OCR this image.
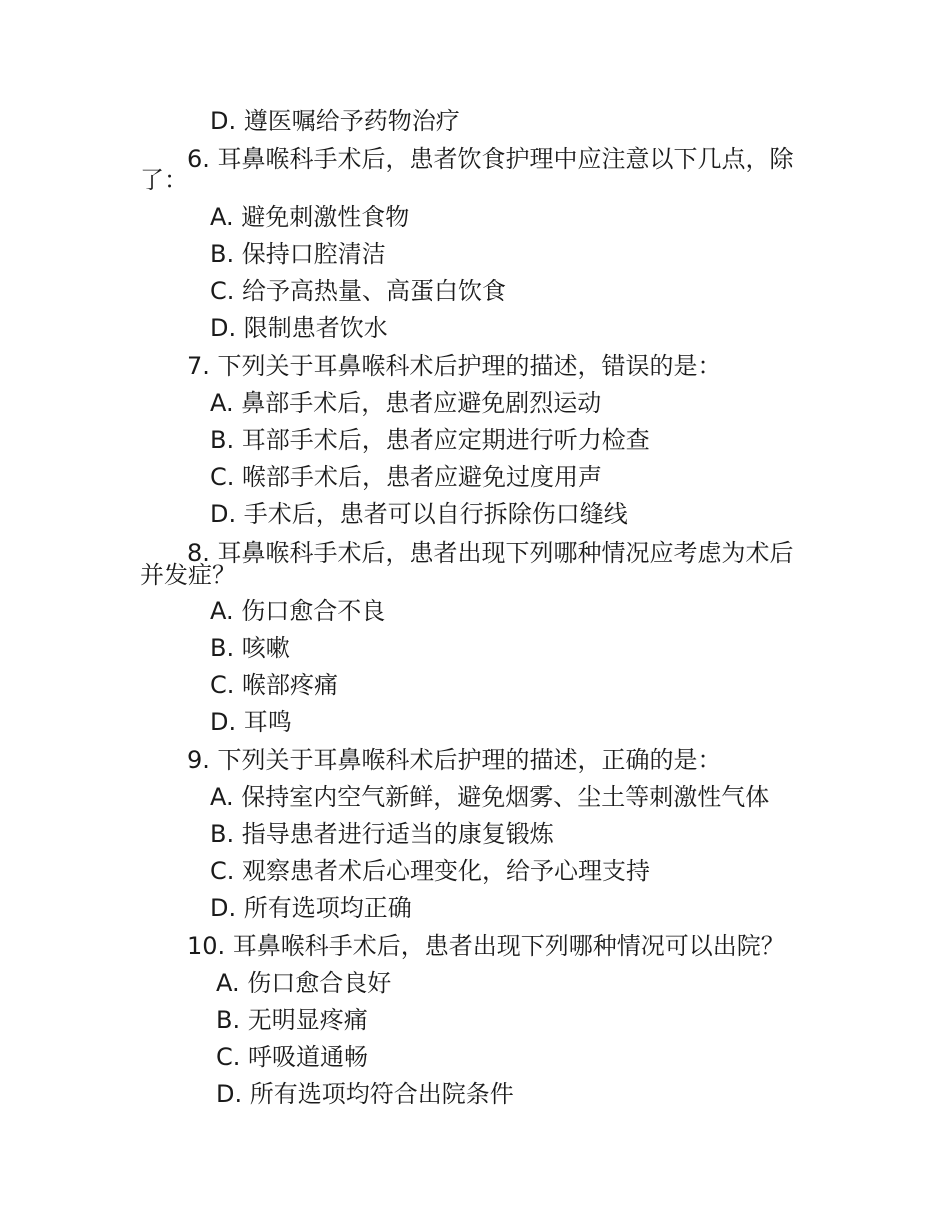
D. 遵医嘱给予药物治疗
6. 耳鼻喉科手术后，患者饮食护理中应注意以下几点，除
了：
A. 避免刺激性食物
B. 保持口腔清洁
C. 给予高热量、高蛋白饮食
D. 限制患者饮水
7. 下列关于耳鼻喉科术后护理的描述，错误的是：
A. 鼻部手术后，患者应避免剧烈运动
B. 耳部手术后，患者应定期进行听力检查
C. 喉部手术后，患者应避免过度用声
D. 手术后，患者可以自行拆除伤口缝线
8. 耳鼻喉科手术后，患者出现下列哪种情况应考虑为术后
并发症？
A. 伤口愈合不良
B. 咳嗽
C. 喉部疼痛
D. 耳鸣
9. 下列关于耳鼻喉科术后护理的描述，正确的是：
A. 保持室内空气新鲜，避免烟雾、尘土等刺激性气体
B. 指导患者进行适当的康复锻炼
C. 观察患者术后心理变化，给予心理支持
D. 所有选项均正确
10. 耳鼻喉科手术后，患者出现下列哪种情况可以出院？
A. 伤口愈合良好
B. 无明显疼痛
C. 呼吸道通畅
D. 所有选项均符合出院条件
